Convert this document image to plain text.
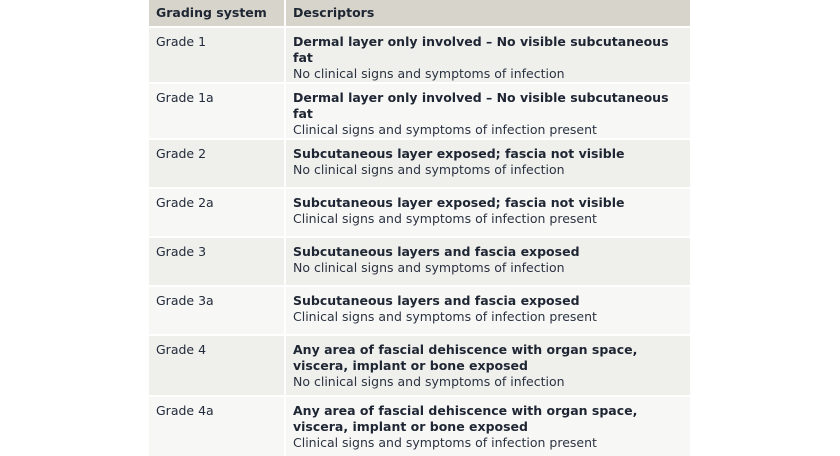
Grading system	Descriptors

Grade 1	Dermal layer only involved – No visible subcutaneous fat
No clinical signs and symptoms of infection

Grade 1a	Dermal layer only involved – No visible subcutaneous fat
Clinical signs and symptoms of infection present

Grade 2	Subcutaneous layer exposed; fascia not visible
No clinical signs and symptoms of infection

Grade 2a	Subcutaneous layer exposed; fascia not visible
Clinical signs and symptoms of infection present

Grade 3	Subcutaneous layers and fascia exposed
No clinical signs and symptoms of infection

Grade 3a	Subcutaneous layers and fascia exposed
Clinical signs and symptoms of infection present

Grade 4	Any area of fascial dehiscence with organ space, viscera, implant or bone exposed
No clinical signs and symptoms of infection

Grade 4a	Any area of fascial dehiscence with organ space, viscera, implant or bone exposed
Clinical signs and symptoms of infection present
